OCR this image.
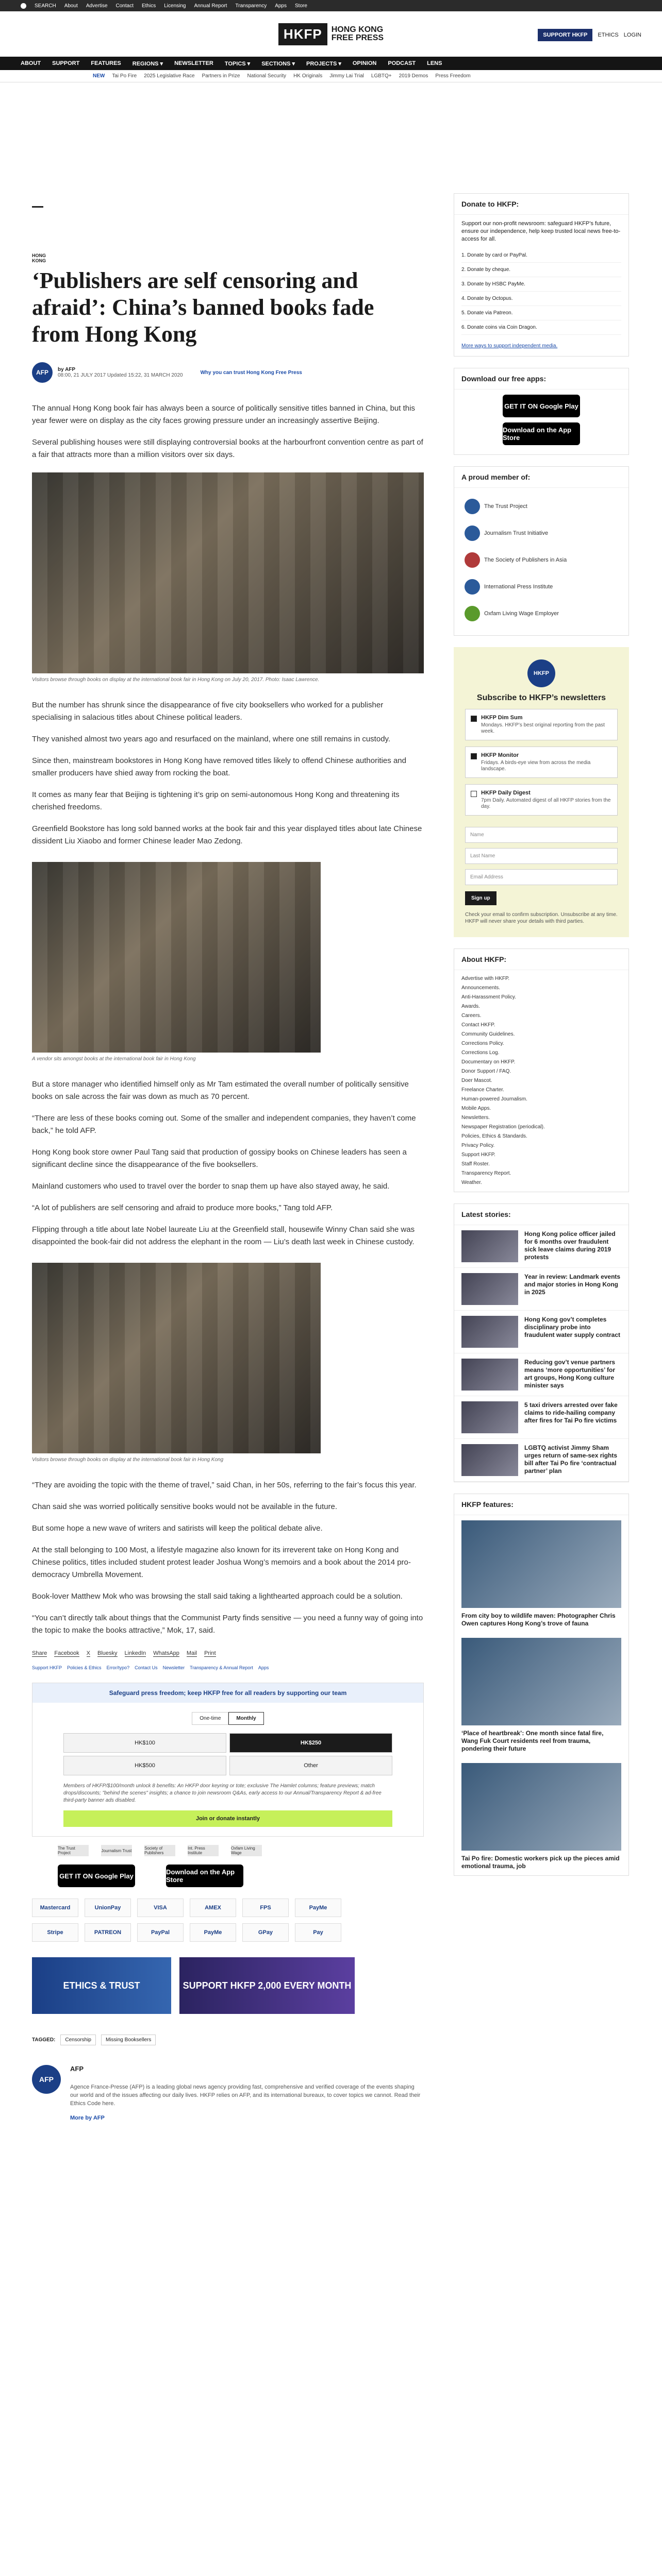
SEARCH About Advertise Contact Ethics Licensing Annual Report Transparency Apps Store
HKFP	HONG KONG
FREE PRESS	SUPPORT HKFP	ETHICS LOGIN
ABOUT SUPPORT FEATURES REGIONS ▾ NEWSLETTER TOPICS ▾ SECTIONS ▾ PROJECTS ▾ OPINION PODCAST LENS
NEW Tai Po Fire 2025 Legislative Race Partners in Prize National Security HK Originals Jimmy Lai Trial LGBTQ+ 2019 Demos Press Freedom
HONG KONG
‘Publishers are self censoring and afraid’: China’s banned books fade from Hong Kong
AFP	by AFP
08:00, 21 JULY 2017 Updated 15:22, 31 MARCH 2020	Why you can trust Hong Kong Free Press

The annual Hong Kong book fair has always been a source of politically sensitive titles banned in China, but this year fewer were on display as the city faces growing pressure under an increasingly assertive Beijing.

Several publishing houses were still displaying controversial books at the harbourfront convention centre as part of a fair that attracts more than a million visitors over six days.

Visitors browse through books on display at the international book fair in Hong Kong on July 20, 2017. Photo: Isaac Lawrence.

But the number has shrunk since the disappearance of five city booksellers who worked for a publisher specialising in salacious titles about Chinese political leaders.

They vanished almost two years ago and resurfaced on the mainland, where one still remains in custody.

Since then, mainstream bookstores in Hong Kong have removed titles likely to offend Chinese authorities and smaller producers have shied away from rocking the boat.

It comes as many fear that Beijing is tightening it’s grip on semi-autonomous Hong Kong and threatening its cherished freedoms.

Greenfield Bookstore has long sold banned works at the book fair and this year displayed titles about late Chinese dissident Liu Xiaobo and former Chinese leader Mao Zedong.

A vendor sits amongst books at the international book fair in Hong Kong

But a store manager who identified himself only as Mr Tam estimated the overall number of politically sensitive books on sale across the fair was down as much as 70 percent.

“There are less of these books coming out. Some of the smaller and independent companies, they haven’t come back,” he told AFP.

Hong Kong book store owner Paul Tang said that production of gossipy books on Chinese leaders has seen a significant decline since the disappearance of the five booksellers.

Mainland customers who used to travel over the border to snap them up have also stayed away, he said.

“A lot of publishers are self censoring and afraid to produce more books,” Tang told AFP.

Flipping through a title about late Nobel laureate Liu at the Greenfield stall, housewife Winny Chan said she was disappointed the book-fair did not address the elephant in the room — Liu’s death last week in Chinese custody.

Visitors browse through books on display at the international book fair in Hong Kong

“They are avoiding the topic with the theme of travel,” said Chan, in her 50s, referring to the fair’s focus this year.

Chan said she was worried politically sensitive books would not be available in the future.

But some hope a new wave of writers and satirists will keep the political debate alive.

At the stall belonging to 100 Most, a lifestyle magazine also known for its irreverent take on Hong Kong and Chinese politics, titles included student protest leader Joshua Wong’s memoirs and a book about the 2014 pro-democracy Umbrella Movement.

Book-lover Matthew Mok who was browsing the stall said taking a lighthearted approach could be a solution.

“You can’t directly talk about things that the Communist Party finds sensitive — you need a funny way of going into the topic to make the books attractive,” Mok, 17, said.

Share Facebook X Bluesky LinkedIn WhatsApp Mail Print
Support HKFP Policies & Ethics Error/typo? Contact Us Newsletter Transparency & Annual Report Apps
Safeguard press freedom; keep HKFP free for all readers by supporting our team
One-time	Monthly
HK$100	HK$250
HK$500	Other
Members of HKFP/$100/month unlock 8 benefits: An HKFP door keyring or tote; exclusive The Hamlet columns; feature previews; match drops/discounts; "behind the scenes" insights; a chance to join newsroom Q&As, early access to our Annual/Transparency Report & ad-free third-party banner ads disabled.
Join or donate instantly
The Trust Project	Journalism Trust	Society of Publishers
Int. Press Institute
Oxfam Living Wage
GET IT ON Google Play	Download on the App Store
Mastercard	UnionPay	VISA	AMEX	FPS	PayMe
Stripe	PATREON	PayPal	PayMe	GPay	Pay
ETHICS & TRUST	SUPPORT HKFP 2,000 EVERY MONTH
TAGGED:	Censorship	Missing Booksellers
AFP
AFP
Agence France-Presse (AFP) is a leading global news agency providing fast, comprehensive and verified coverage of the events shaping our world and of the issues affecting our daily lives. HKFP relies on AFP, and its international bureaux, to cover topics we cannot. Read their Ethics Code here.
More by AFP
Donate to HKFP:
Support our non-profit newsroom: safeguard HKFP’s future, ensure our independence, help keep trusted local news free-to-access for all.
1. Donate by card or PayPal.
2. Donate by cheque.
3. Donate by HSBC PayMe.
4. Donate by Octopus.
5. Donate via Patreon.
6. Donate coins via Coin Dragon.
More ways to support independent media.
Download our free apps:
GET IT ON Google Play
Download on the App Store
A proud member of:
The Trust Project
Journalism Trust Initiative
The Society of Publishers in Asia
International Press Institute
Oxfam Living Wage Employer
HKFP
Subscribe to HKFP’s newsletters
HKFP Dim Sum
Mondays. HKFP’s best original reporting from the past week.
HKFP Monitor
Fridays. A birds-eye view from across the media landscape.
HKFP Daily Digest
7pm Daily. Automated digest of all HKFP stories from the day.
Name
Last Name
Email Address
Sign up
Check your email to confirm subscription. Unsubscribe at any time. HKFP will never share your details with third parties.
About HKFP:
Advertise with HKFP.
Announcements.
Anti-Harassment Policy.
Awards.
Careers.
Contact HKFP.
Community Guidelines.
Corrections Policy.
Corrections Log.
Documentary on HKFP.
Donor Support / FAQ.
Doer Mascot.
Freelance Charter.
Human-powered Journalism.
Mobile Apps.
Newsletters.
Newspaper Registration (periodical).
Policies, Ethics & Standards.
Privacy Policy.
Support HKFP.
Staff Roster.
Transparency Report.
Weather.
Latest stories:
Hong Kong police officer jailed for 6 months over fraudulent sick leave claims during 2019 protests
Year in review: Landmark events and major stories in Hong Kong in 2025
Hong Kong gov’t completes disciplinary probe into fraudulent water supply contract
Reducing gov’t venue partners means ‘more opportunities’ for art groups, Hong Kong culture minister says
5 taxi drivers arrested over fake claims to ride-hailing company after fires for Tai Po fire victims
LGBTQ activist Jimmy Sham urges return of same-sex rights bill after Tai Po fire ‘contractual partner’ plan
HKFP features:
From city boy to wildlife maven: Photographer Chris Owen captures Hong Kong’s trove of fauna
‘Place of heartbreak’: One month since fatal fire, Wang Fuk Court residents reel from trauma, pondering their future
Tai Po fire: Domestic workers pick up the pieces amid emotional trauma, job
